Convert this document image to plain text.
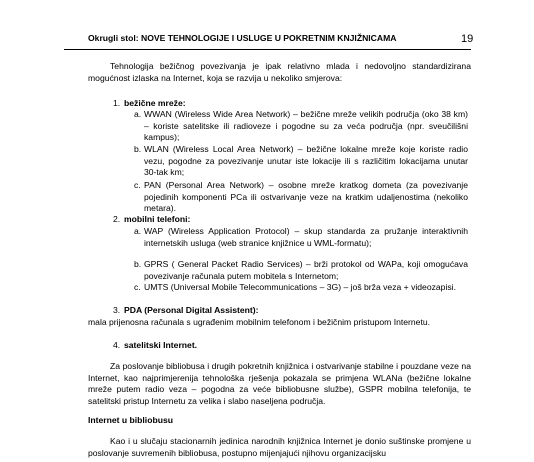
Okrugli stol: NOVE TEHNOLOGIJE I USLUGE U POKRETNIM KNJIŽNICAMA	19
Tehnologija bežičnog povezivanja je ipak relativno mlada i nedovoljno standardizirana mogućnost izlaska na Internet, koja se razvija u nekoliko smjerova:
1. bežične mreže:
a. WWAN (Wireless Wide Area Network) – bežične mreže velikih područja (oko 38 km) – koriste satelitske ili radioveze i pogodne su za veća područja (npr. sveučilišni kampus);
b. WLAN (Wireless Local Area Network) – bežične lokalne mreže koje koriste radio vezu, pogodne za povezivanje unutar iste lokacije ili s različitim lokacijama unutar 30-tak km;
c. PAN (Personal Area Network) – osobne mreže kratkog dometa (za povezivanje pojedinih komponenti PCa ili ostvarivanje veze na kratkim udaljenostima (nekoliko metara).
2. mobilni telefoni:
a. WAP (Wireless Application Protocol) – skup standarda za pružanje interaktivnih internetskih usluga (web stranice knjižnice u WML-formatu);
b. GPRS ( General Packet Radio Services) – brži protokol od WAPa, koji omogućava povezivanje računala putem mobitela s Internetom;
c. UMTS (Universal Mobile Telecommunications – 3G) – još brža veza + videozapisi.
3. PDA (Personal Digital Assistent):
mala prijenosna računala s ugrađenim mobilnim telefonom i bežičnim pristupom Internetu.
4. satelitski Internet.
Za poslovanje bibliobusa i drugih pokretnih knjižnica i ostvarivanje stabilne i pouzdane veze na Internet, kao najprimjerenija tehnološka rješenja pokazala se primjena WLANa (bežične lokalne mreže putem radio veza – pogodna za veće bibliobusne službe), GSPR mobilna telefonija, te satelitski pristup Internetu za velika i slabo naseljena područja.
Internet u bibliobusu
Kao i u slučaju stacionarnih jedinica narodnih knjižnica Internet je donio suštinske promjene u poslovanje suvremenih bibliobusa, postupno mijenjajući njihovu organizacijsku
